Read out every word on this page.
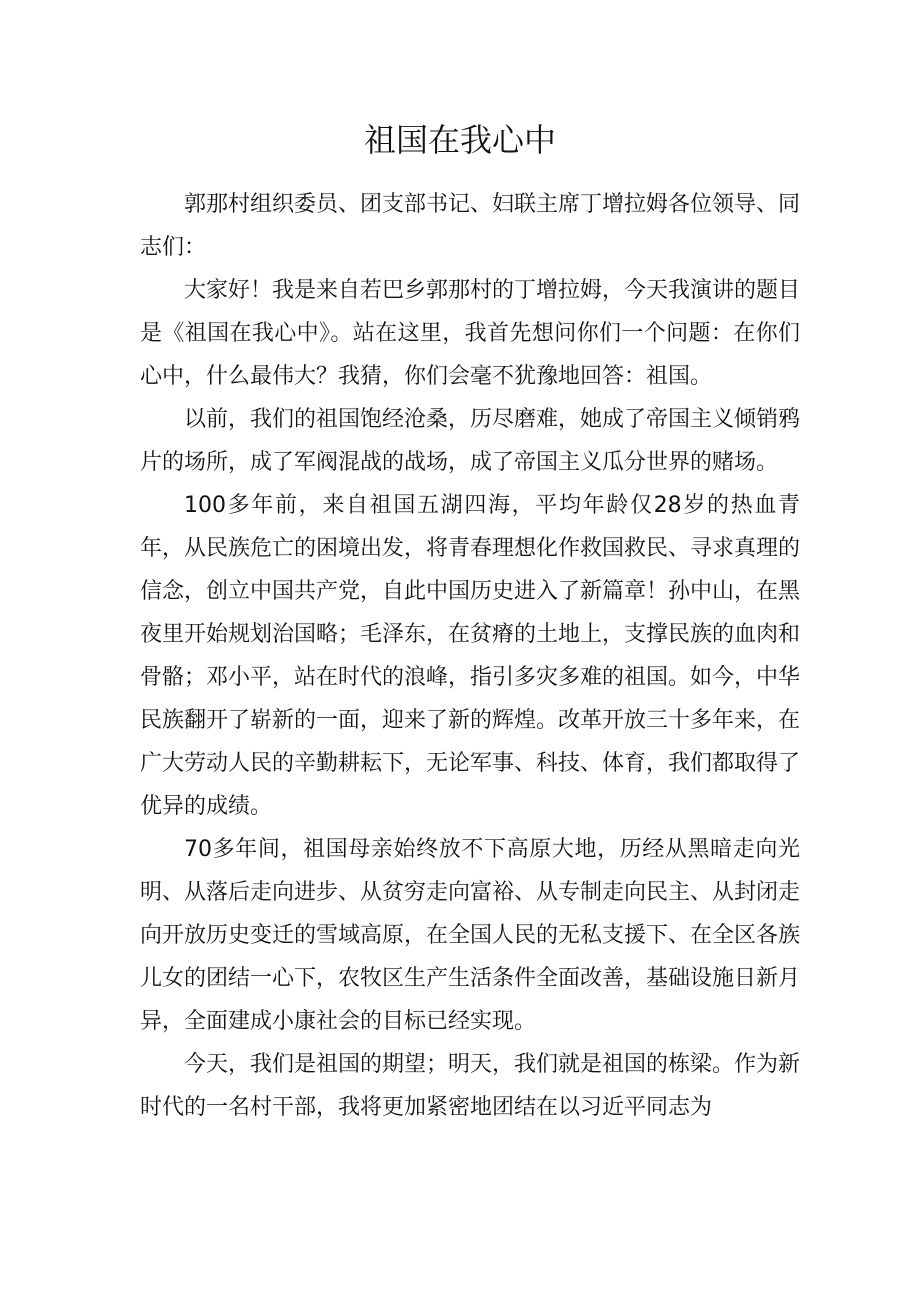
祖国在我心中

郭那村组织委员、团支部书记、妇联主席丁增拉姆各位领导、同志们：

大家好！我是来自若巴乡郭那村的丁增拉姆，今天我演讲的题目是《祖国在我心中》。站在这里，我首先想问你们一个问题：在你们心中，什么最伟大？我猜，你们会毫不犹豫地回答：祖国。

以前，我们的祖国饱经沧桑，历尽磨难，她成了帝国主义倾销鸦片的场所，成了军阀混战的战场，成了帝国主义瓜分世界的赌场。

100多年前，来自祖国五湖四海，平均年龄仅28岁的热血青年，从民族危亡的困境出发，将青春理想化作救国救民、寻求真理的信念，创立中国共产党，自此中国历史进入了新篇章！孙中山，在黑夜里开始规划治国略；毛泽东，在贫瘠的土地上，支撑民族的血肉和骨骼；邓小平，站在时代的浪峰，指引多灾多难的祖国。如今，中华民族翻开了崭新的一面，迎来了新的辉煌。改革开放三十多年来，在广大劳动人民的辛勤耕耘下，无论军事、科技、体育，我们都取得了优异的成绩。

70多年间，祖国母亲始终放不下高原大地，历经从黑暗走向光明、从落后走向进步、从贫穷走向富裕、从专制走向民主、从封闭走向开放历史变迁的雪域高原，在全国人民的无私支援下、在全区各族儿女的团结一心下，农牧区生产生活条件全面改善，基础设施日新月异，全面建成小康社会的目标已经实现。

今天，我们是祖国的期望；明天，我们就是祖国的栋梁。作为新时代的一名村干部，我将更加紧密地团结在以习近平同志为
